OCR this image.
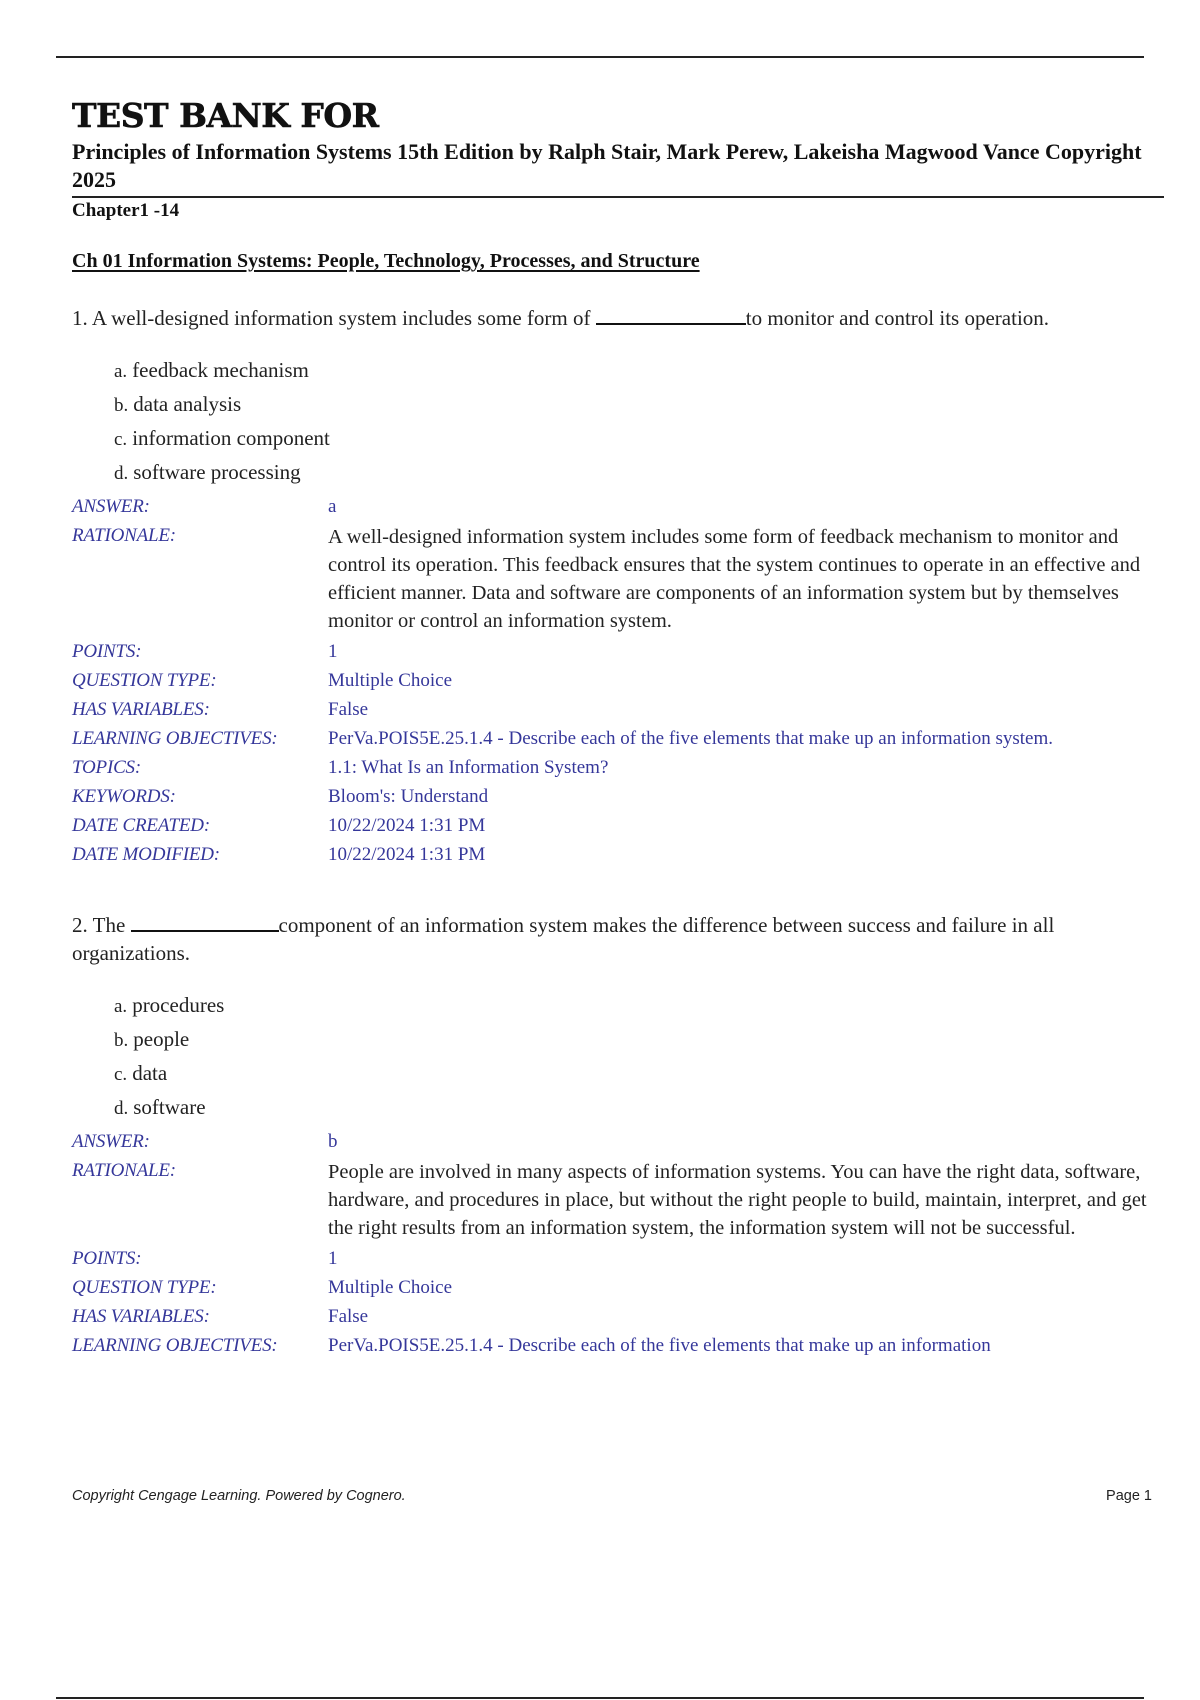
TEST BANK FOR
Principles of Information Systems 15th Edition by Ralph Stair, Mark Perew, Lakeisha Magwood Vance Copyright 2025
Chapter1 -14
Ch 01 Information Systems: People, Technology, Processes, and Structure
1. A well-designed information system includes some form of	to monitor and control its operation.
a. feedback mechanism
b. data analysis
c. information component
d. software processing
ANSWER:	a
RATIONALE:	A well-designed information system includes some form of feedback mechanism to monitor and control its operation. This feedback ensures that the system continues to operate in an effective and efficient manner. Data and software are components of an information system but by themselves monitor or control an information system.
POINTS:	1
QUESTION TYPE:	Multiple Choice
HAS VARIABLES:	False
LEARNING OBJECTIVES:	PerVa.POIS5E.25.1.4 - Describe each of the five elements that make up an information system.
TOPICS:	1.1: What Is an Information System?
KEYWORDS:	Bloom's: Understand
DATE CREATED:	10/22/2024 1:31 PM
DATE MODIFIED:	10/22/2024 1:31 PM
2. The	component of an information system makes the difference between success and failure in all organizations.
a. procedures
b. people
c. data
d. software
ANSWER:	b
RATIONALE:	People are involved in many aspects of information systems. You can have the right data, software, hardware, and procedures in place, but without the right people to build, maintain, interpret, and get the right results from an information system, the information system will not be successful.
POINTS:	1
QUESTION TYPE:	Multiple Choice
HAS VARIABLES:	False
LEARNING OBJECTIVES:	PerVa.POIS5E.25.1.4 - Describe each of the five elements that make up an information
Copyright Cengage Learning. Powered by Cognero.	Page 1
